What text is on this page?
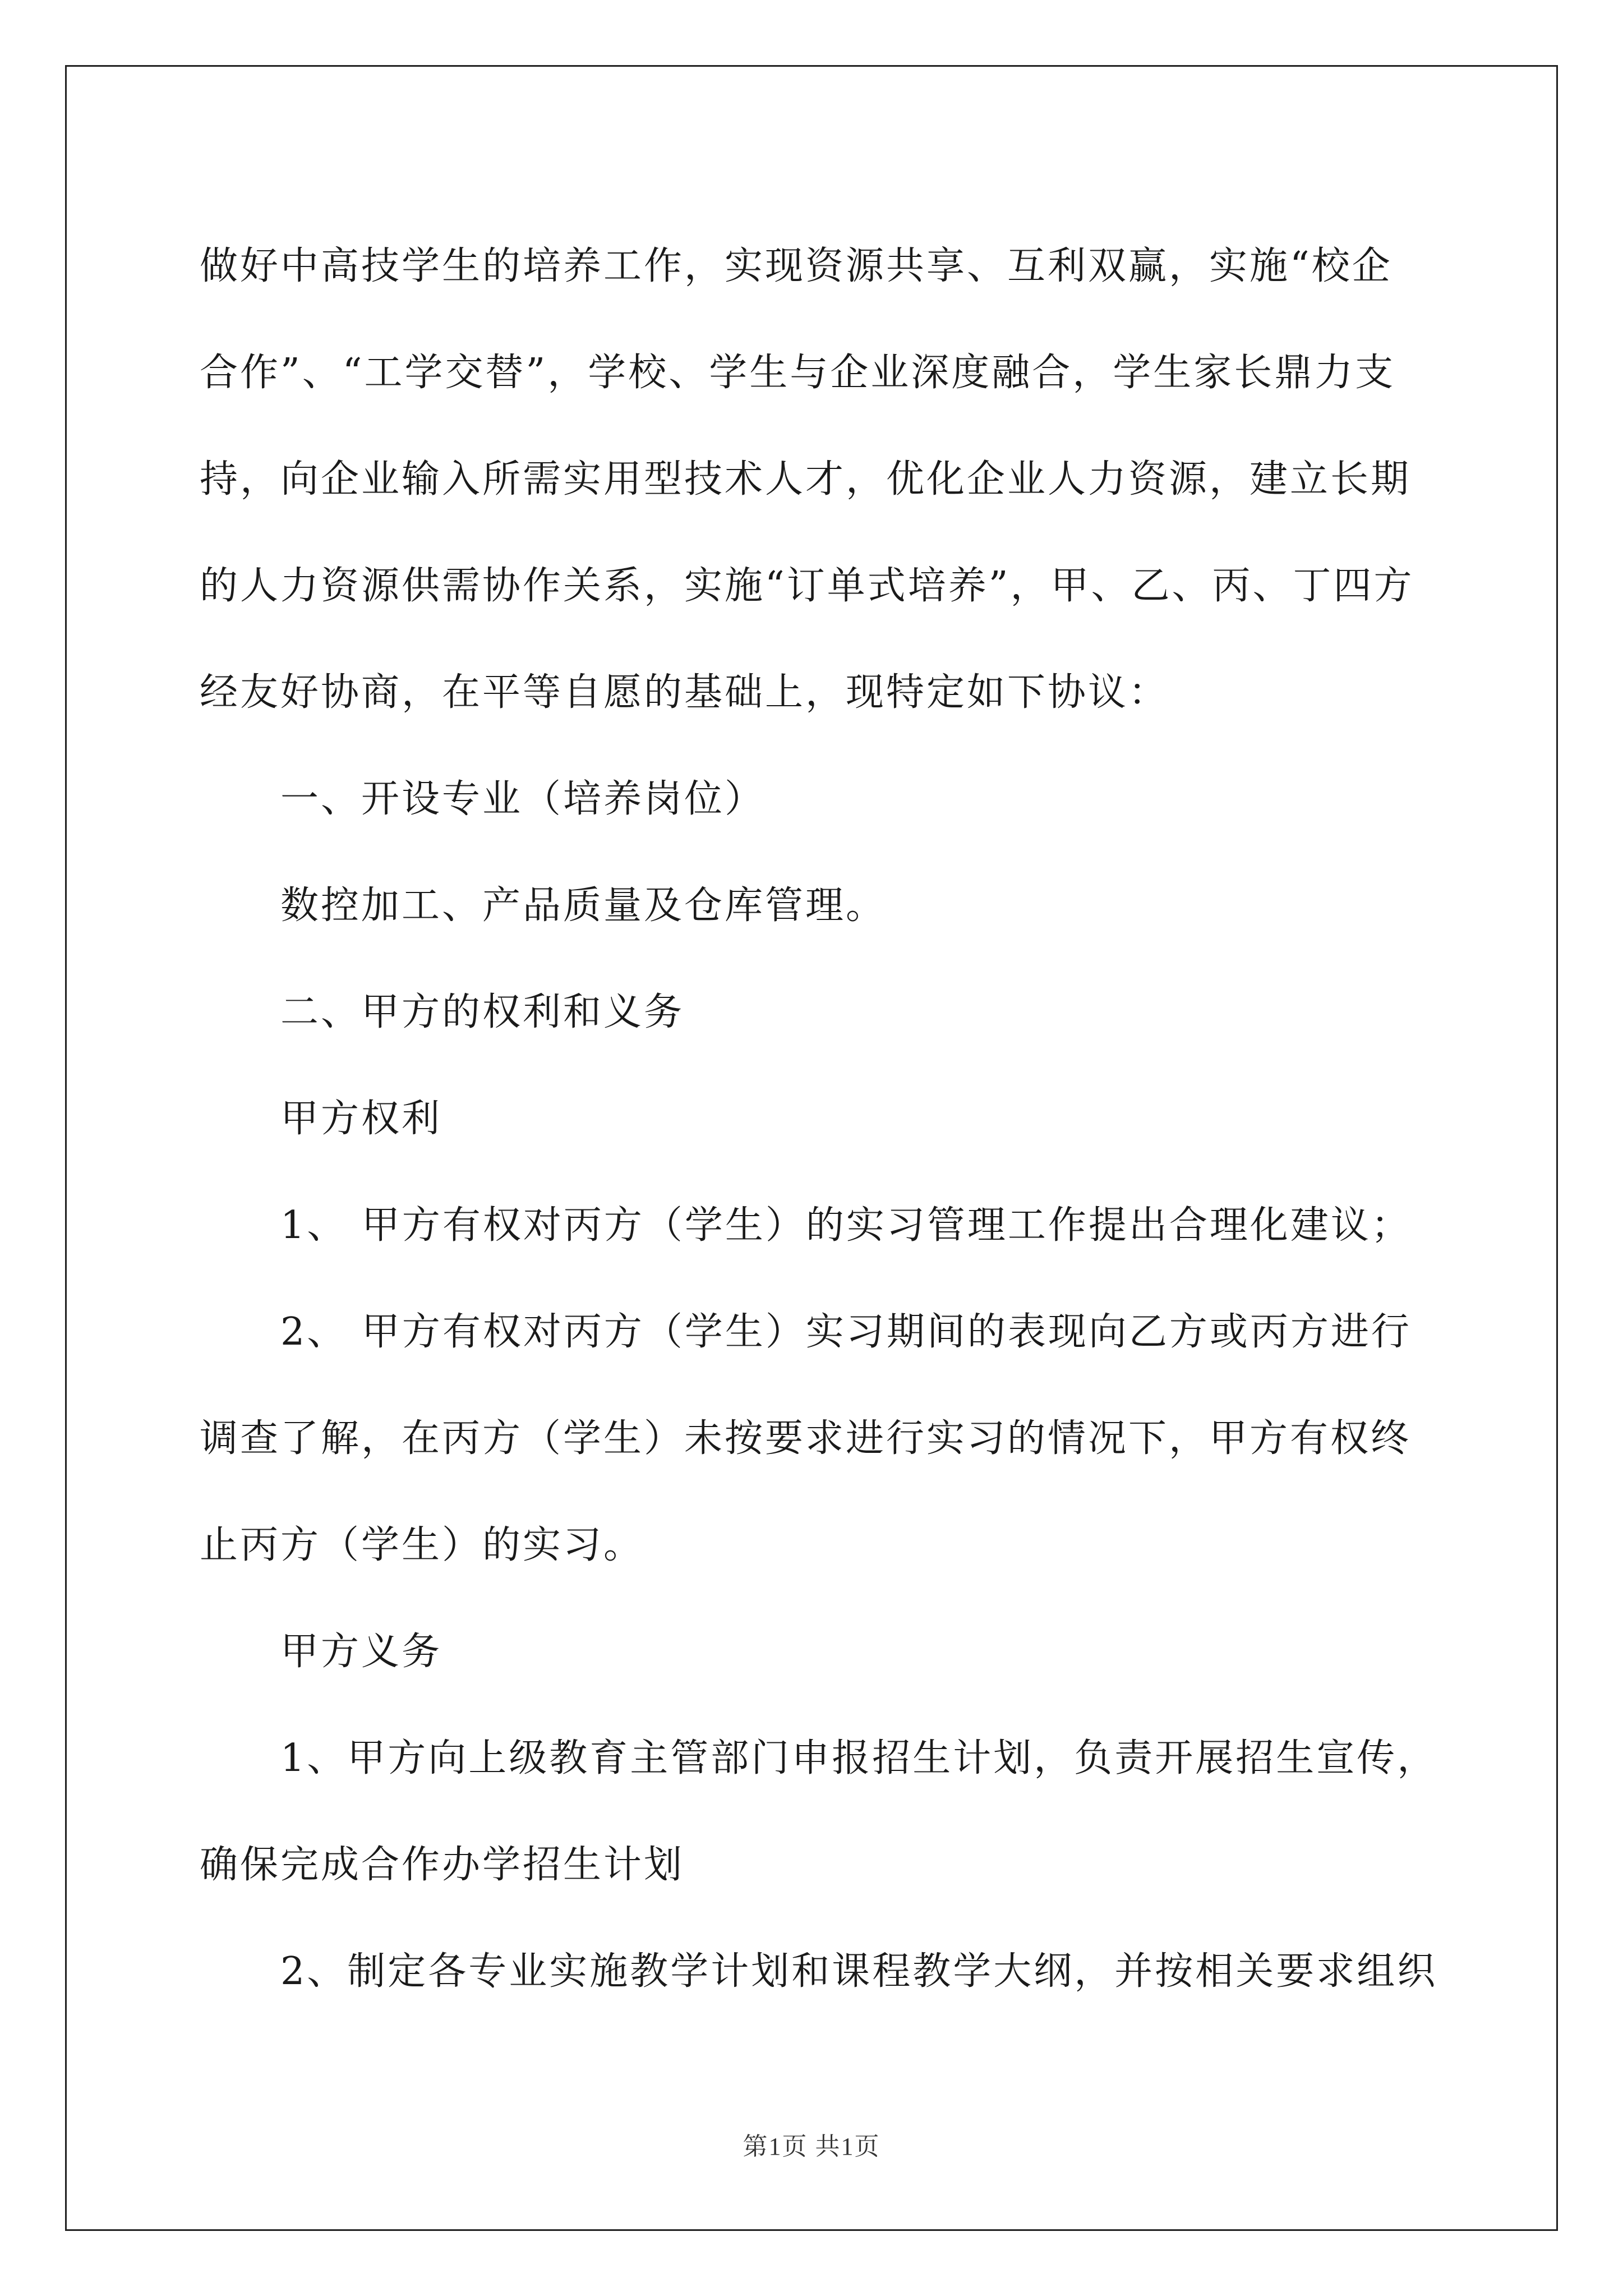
做好中高技学生的培养工作，实现资源共享、互利双赢，实施“校企
合作”、“工学交替”，学校、学生与企业深度融合，学生家长鼎力支
持，向企业输入所需实用型技术人才，优化企业人力资源，建立长期
的人力资源供需协作关系，实施“订单式培养”，甲、乙、丙、丁四方
经友好协商，在平等自愿的基础上，现特定如下协议：
一、开设专业（培养岗位）
数控加工、产品质量及仓库管理。
二、甲方的权利和义务
甲方权利
1、 甲方有权对丙方（学生）的实习管理工作提出合理化建议；
2、 甲方有权对丙方（学生）实习期间的表现向乙方或丙方进行
调查了解，在丙方（学生）未按要求进行实习的情况下，甲方有权终
止丙方（学生）的实习。
甲方义务
1、甲方向上级教育主管部门申报招生计划，负责开展招生宣传，
确保完成合作办学招生计划
2、制定各专业实施教学计划和课程教学大纲，并按相关要求组织
第1页 共1页
